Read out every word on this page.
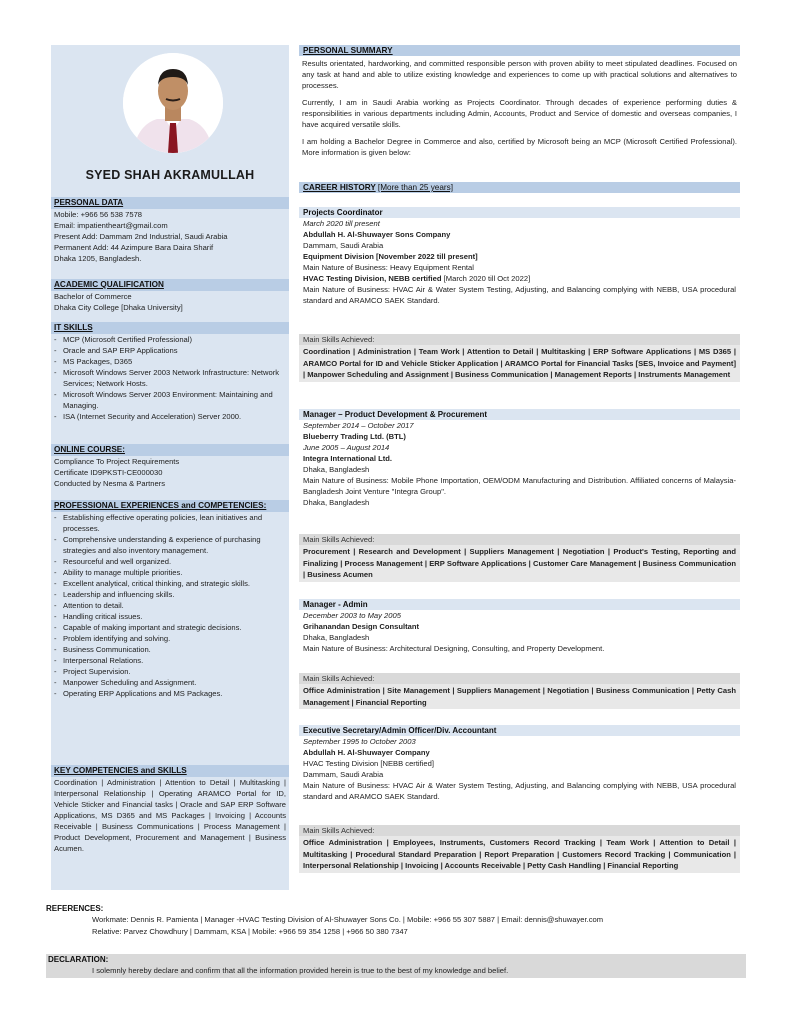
SYED SHAH AKRAMULLAH
PERSONAL DATA
Mobile: +966 56 538 7578
Email: impatientheart@gmail.com
Present Add: Dammam 2nd Industrial, Saudi Arabia
Permanent Add: 44 Azimpure Bara Daira Sharif
Dhaka 1205, Bangladesh.
ACADEMIC QUALIFICATION
Bachelor of Commerce
Dhaka City College [Dhaka University]
IT SKILLS
- MCP (Microsoft Certified Professional)
- Oracle and SAP ERP Applications
- MS Packages, D365
- Microsoft Windows Server 2003 Network Infrastructure: Network Services; Network Hosts.
- Microsoft Windows Server 2003 Environment: Maintaining and Managing.
- ISA (Internet Security and Acceleration) Server 2000.
ONLINE COURSE:
Compliance To Project Requirements
Certificate ID9PKSTI-CE000030
Conducted by Nesma & Partners
PROFESSIONAL EXPERIENCES and COMPETENCIES:
- Establishing effective operating policies, lean initiatives and processes.
- Comprehensive understanding & experience of purchasing strategies and also inventory management.
- Resourceful and well organized.
- Ability to manage multiple priorities.
- Excellent analytical, critical thinking, and strategic skills.
- Leadership and influencing skills.
- Attention to detail.
- Handling critical issues.
- Capable of making important and strategic decisions.
- Problem identifying and solving.
- Business Communication.
- Interpersonal Relations.
- Project Supervision.
- Manpower Scheduling and Assignment.
- Operating ERP Applications and MS Packages.
KEY COMPETENCIES and SKILLS
Coordination | Administration | Attention to Detail | Multitasking | Interpersonal Relationship | Operating ARAMCO Portal for ID, Vehicle Sticker and Financial tasks | Oracle and SAP ERP Software Applications, MS D365 and MS Packages | Invoicing | Accounts Receivable | Business Communications | Process Management | Product Development, Procurement and Management | Business Acumen.
PERSONAL SUMMARY

Results orientated, hardworking, and committed responsible person with proven ability to meet stipulated deadlines. Focused on any task at hand and able to utilize existing knowledge and experiences to come up with practical solutions and alternatives to processes.

Currently, I am in Saudi Arabia working as Projects Coordinator. Through decades of experience performing duties & responsibilities in various departments including Admin, Accounts, Product and Service of domestic and overseas companies, I have acquired versatile skills.

I am holding a Bachelor Degree in Commerce and also, certified by Microsoft being an MCP (Microsoft Certified Professional). More information is given below:

CAREER HISTORY [More than 25 years]
Projects Coordinator
March 2020 till present
Abdullah H. Al-Shuwayer Sons Company
Dammam, Saudi Arabia
Equipment Division [November 2022 till present]
Main Nature of Business: Heavy Equipment Rental
HVAC Testing Division, NEBB certified [March 2020 till Oct 2022]
Main Nature of Business: HVAC Air & Water System Testing, Adjusting, and Balancing complying with NEBB, USA procedural standard and ARAMCO SAEK Standard.
Main Skills Achieved:
Coordination | Administration | Team Work | Attention to Detail | Multitasking | ERP Software Applications | MS D365 | ARAMCO Portal for ID and Vehicle Sticker Application | ARAMCO Portal for Financial Tasks [SES, Invoice and Payment] | Manpower Scheduling and Assignment | Business Communication | Management Reports | Instruments Management
Manager – Product Development & Procurement
September 2014 – October 2017
Blueberry Trading Ltd. (BTL)
June 2005 – August 2014
Integra International Ltd.
Dhaka, Bangladesh
Main Nature of Business: Mobile Phone Importation, OEM/ODM Manufacturing and Distribution. Affiliated concerns of Malaysia-Bangladesh Joint Venture "Integra Group".
Dhaka, Bangladesh
Main Skills Achieved:
Procurement | Research and Development | Suppliers Management | Negotiation | Product's Testing, Reporting and Finalizing | Process Management | ERP Software Applications | Customer Care Management | Business Communication | Business Acumen
Manager - Admin
December 2003 to May 2005
Grihanandan Design Consultant
Dhaka, Bangladesh
Main Nature of Business: Architectural Designing, Consulting, and Property Development.
Main Skills Achieved:
Office Administration | Site Management | Suppliers Management | Negotiation | Business Communication | Petty Cash Management | Financial Reporting
Executive Secretary/Admin Officer/Div. Accountant
September 1995 to October 2003
Abdullah H. Al-Shuwayer Company
HVAC Testing Division [NEBB certified]
Dammam, Saudi Arabia
Main Nature of Business: HVAC Air & Water System Testing, Adjusting, and Balancing complying with NEBB, USA procedural standard and ARAMCO SAEK Standard.
Main Skills Achieved:
Office Administration | Employees, Instruments, Customers Record Tracking | Team Work | Attention to Detail | Multitasking | Procedural Standard Preparation | Report Preparation | Customers Record Tracking | Communication | Interpersonal Relationship | Invoicing | Accounts Receivable | Petty Cash Handling | Financial Reporting
REFERENCES:
Workmate: Dennis R. Pamienta | Manager -HVAC Testing Division of Al-Shuwayer Sons Co. | Mobile: +966 55 307 5887 | Email: dennis@shuwayer.com
Relative: Parvez Chowdhury | Dammam, KSA | Mobile: +966 59 354 1258 | +966 50 380 7347
DECLARATION:
I solemnly hereby declare and confirm that all the information provided herein is true to the best of my knowledge and belief.
